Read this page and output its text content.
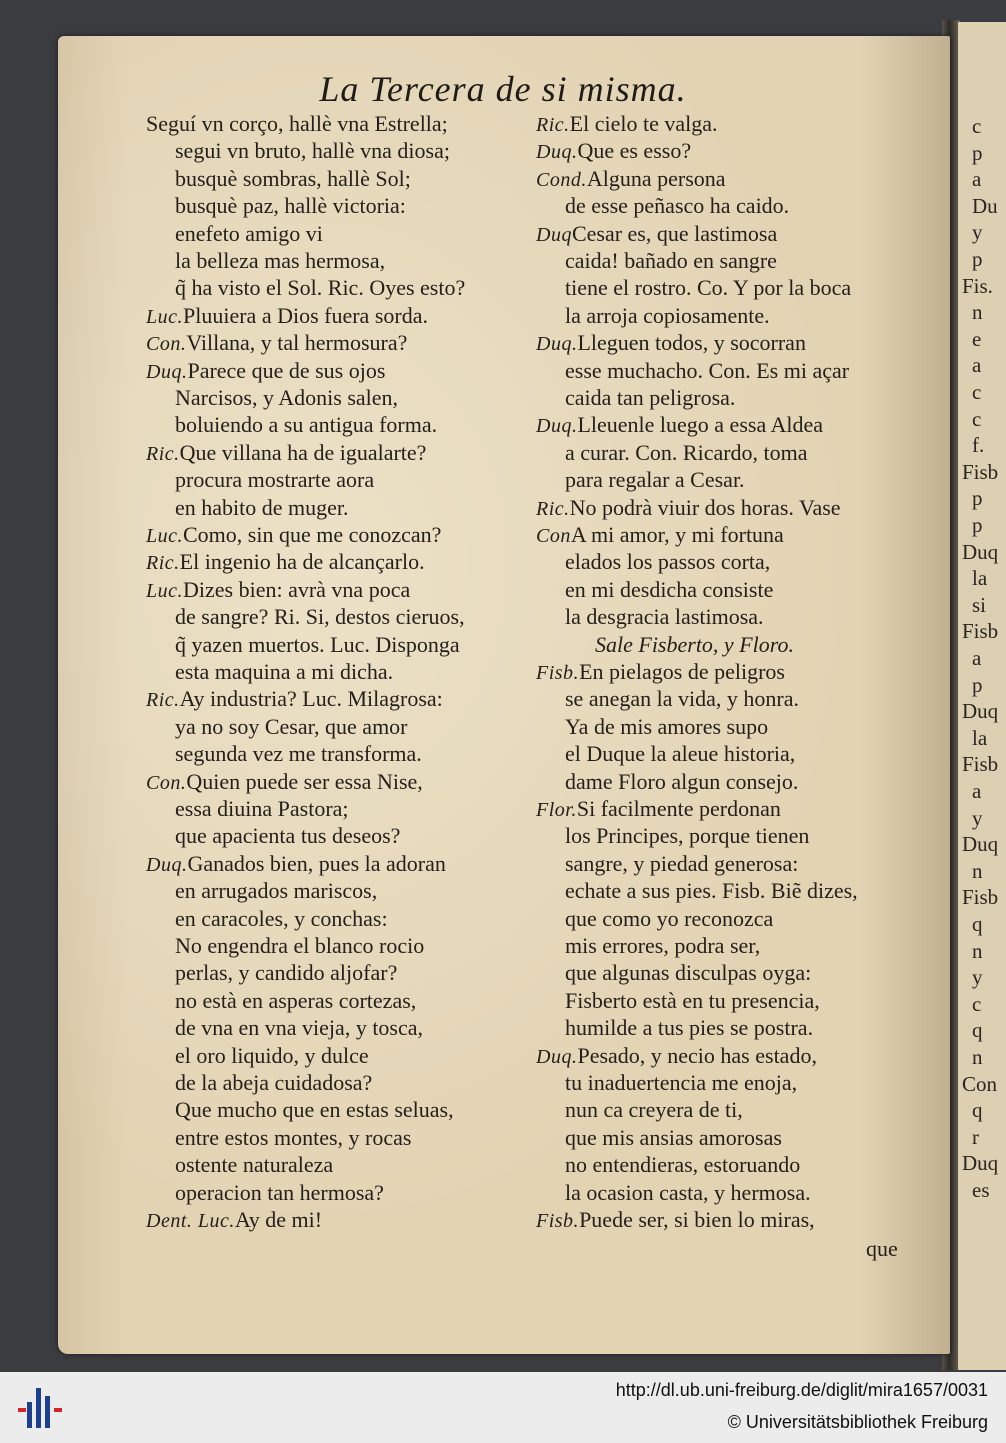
c
p
a
Du
y
p
Fis.
n
e
a
c
c
f.
Fisb
p
p
Duq
la
si
Fisb
a
p
Duq
la
Fisb
a
y
Duq
n
Fisb
q
n
y
c
q
n
Con
q
r
Duq
es
La Tercera de si misma.
Seguí vn corço, hallè vna Estrella;
segui vn bruto, hallè vna diosa;
busquè sombras, hallè Sol;
busquè paz, hallè victoria:
enefeto amigo vi
la belleza mas hermosa,
q̃ ha visto el Sol. Ric. Oyes esto?
Luc.Pluuiera a Dios fuera sorda.
Con.Villana, y tal hermosura?
Duq.Parece que de sus ojos
Narcisos, y Adonis salen,
boluiendo a su antigua forma.
Ric.Que villana ha de igualarte?
procura mostrarte aora
en habito de muger.
Luc.Como, sin que me conozcan?
Ric.El ingenio ha de alcançarlo.
Luc.Dizes bien: avrà vna poca
de sangre? Ri. Si, destos cieruos,
q̃ yazen muertos. Luc. Disponga
esta maquina a mi dicha.
Ric.Ay industria? Luc. Milagrosa:
ya no soy Cesar, que amor
segunda vez me transforma.
Con.Quien puede ser essa Nise,
essa diuina Pastora;
que apacienta tus deseos?
Duq.Ganados bien, pues la adoran
en arrugados mariscos,
en caracoles, y conchas:
No engendra el blanco rocio
perlas, y candido aljofar?
no està en asperas cortezas,
de vna en vna vieja, y tosca,
el oro liquido, y dulce
de la abeja cuidadosa?
Que mucho que en estas seluas,
entre estos montes, y rocas
ostente naturaleza
operacion tan hermosa?
Dent. Luc.Ay de mi!
Ric.El cielo te valga.
Duq.Que es esso?
Cond.Alguna persona
de esse peñasco ha caido.
DuqCesar es, que lastimosa
caida! bañado en sangre
tiene el rostro. Co. Y por la boca
la arroja copiosamente.
Duq.Lleguen todos, y socorran
esse muchacho. Con. Es mi açar
caida tan peligrosa.
Duq.Lleuenle luego a essa Aldea
a curar. Con. Ricardo, toma
para regalar a Cesar.
Ric.No podrà viuir dos horas. Vase
ConA mi amor, y mi fortuna
elados los passos corta,
en mi desdicha consiste
la desgracia lastimosa.
Sale Fisberto, y Floro.
Fisb.En pielagos de peligros
se anegan la vida, y honra.
Ya de mis amores supo
el Duque la aleue historia,
dame Floro algun consejo.
Flor.Si facilmente perdonan
los Principes, porque tienen
sangre, y piedad generosa:
echate a sus pies. Fisb. Biẽ dizes,
que como yo reconozca
mis errores, podra ser,
que algunas disculpas oyga:
Fisberto està en tu presencia,
humilde a tus pies se postra.
Duq.Pesado, y necio has estado,
tu inaduertencia me enoja,
nun ca creyera de ti,
que mis ansias amorosas
no entendieras, estoruando
la ocasion casta, y hermosa.
Fisb.Puede ser, si bien lo miras,
que
http://dl.ub.uni-freiburg.de/diglit/mira1657/0031
© Universitätsbibliothek Freiburg
